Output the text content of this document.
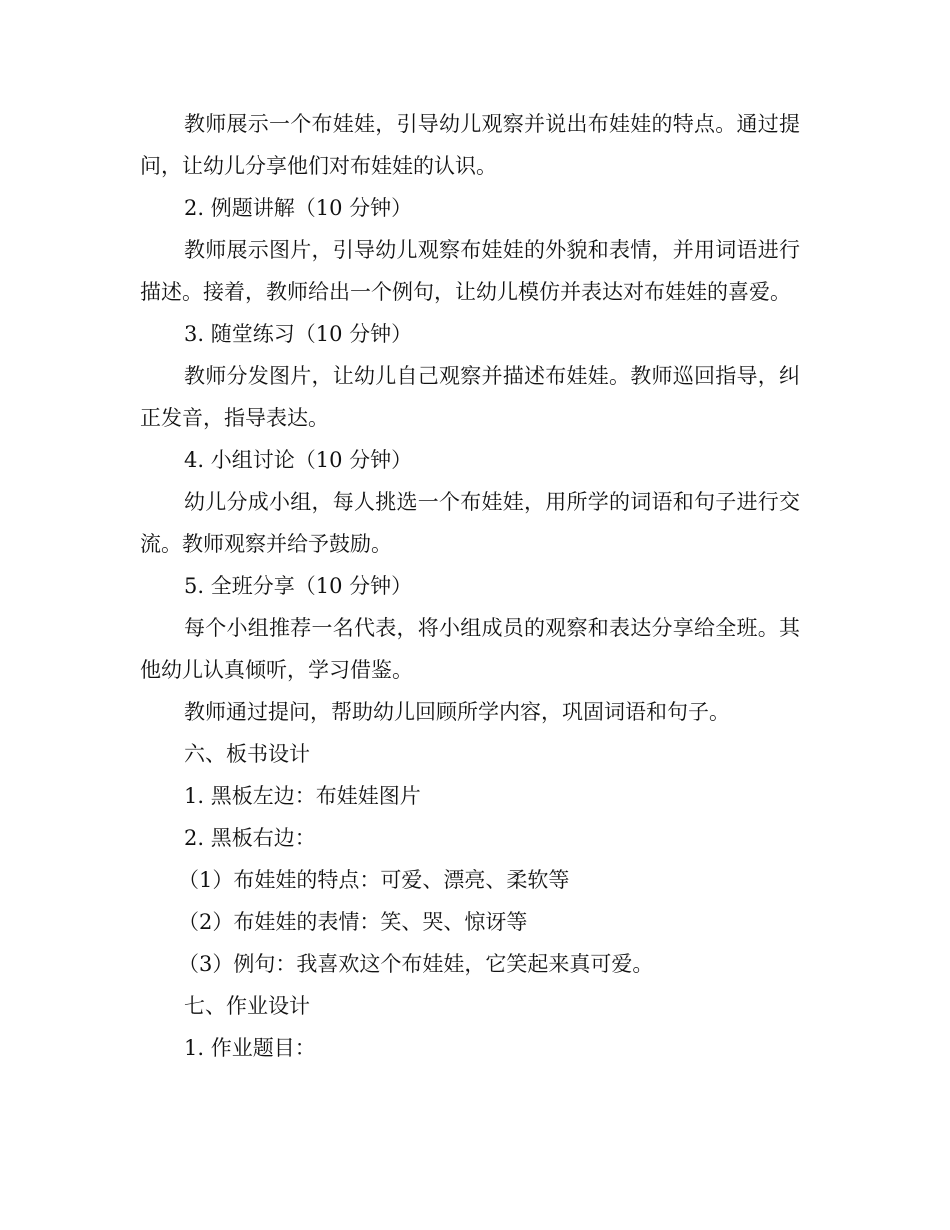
教师展示一个布娃娃，引导幼儿观察并说出布娃娃的特点。通过提问，让幼儿分享他们对布娃娃的认识。

2. 例题讲解（10 分钟）

教师展示图片，引导幼儿观察布娃娃的外貌和表情，并用词语进行描述。接着，教师给出一个例句，让幼儿模仿并表达对布娃娃的喜爱。

3. 随堂练习（10 分钟）

教师分发图片，让幼儿自己观察并描述布娃娃。教师巡回指导，纠正发音，指导表达。

4. 小组讨论（10 分钟）

幼儿分成小组，每人挑选一个布娃娃，用所学的词语和句子进行交流。教师观察并给予鼓励。

5. 全班分享（10 分钟）

每个小组推荐一名代表，将小组成员的观察和表达分享给全班。其他幼儿认真倾听，学习借鉴。

教师通过提问，帮助幼儿回顾所学内容，巩固词语和句子。

六、板书设计

1. 黑板左边：布娃娃图片

2. 黑板右边：

（1）布娃娃的特点：可爱、漂亮、柔软等

（2）布娃娃的表情：笑、哭、惊讶等

（3）例句：我喜欢这个布娃娃，它笑起来真可爱。

七、作业设计

1. 作业题目：
